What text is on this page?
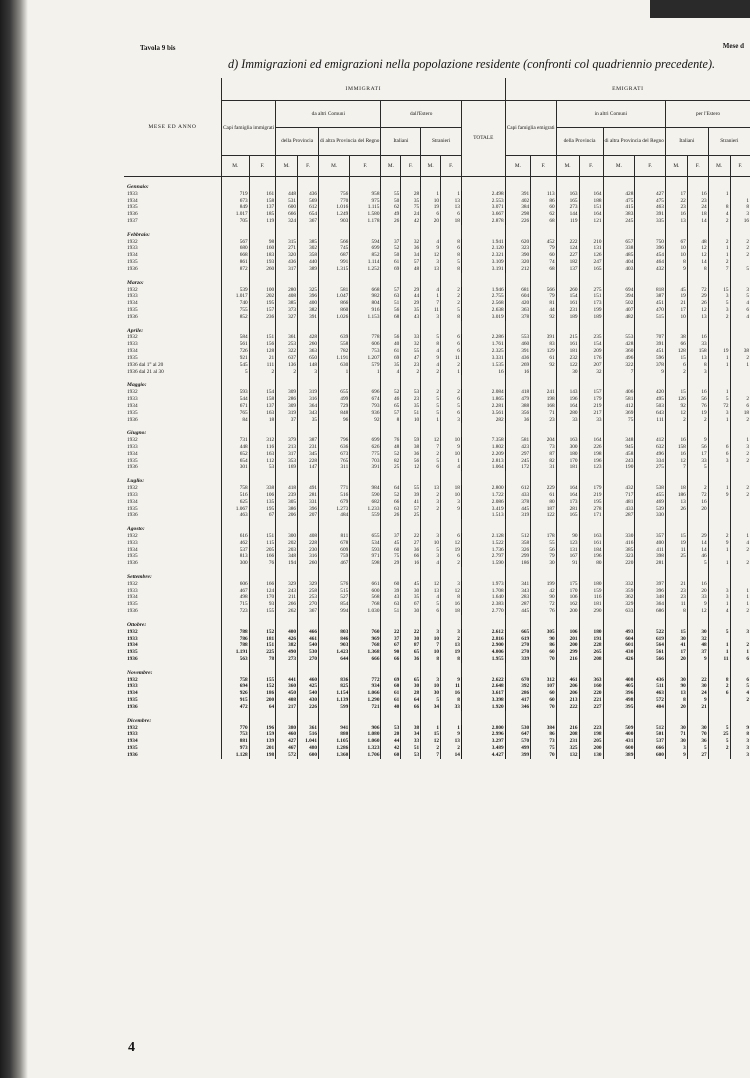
Tavola 9 bis	Mese d
d) Immigrazioni ed emigrazioni nella popolazione residente (confronti col quadriennio precedente).
MESE ED ANNO	IMMIGRATI											EMIGRATI									
	Capi famiglia immigrati		da altri Comuni				dall'Estero				TOTALE	Capi famiglia emigrati		in altri Comuni				per l'Estero			
			della Provincia		di altra Provincia del Regno		Italiani		Stranieri					della Provincia		di altra Provincia del Regno		Italiani		Stranieri	
	M.	F.	M.	F.	M.	F.	M.	F.	M.	F.		M.	F.	M.	F.	M.	F.	M.	F.	M.	F.

Gennaio:																					
1933	719	161	448	436	756	958	55	28	1	1	2.498	391	113	163	164	428	427	17	16	1	
1934	673	158	531	569	770	975	50	35	10	13	2.553	402	86	165	188	475	475	22	23		1
1935	849	137	600	612	1.016	1.115	62	75	19	13	3.071	384	60	273	151	415	463	23	24	8	8
1936	1.017	185	666	654	1.249	1.580	49	24	6	6	3.667	298	62	144	164	383	391	16	18	4	3
1937	705	119	324	367	903	1.178	26	42	20	18	2.878	226	68	119	121	245	335	13	14	2	16

Febbraio:																					
1932	567	98	315	385	566	594	37	32	4	8	1.941	620	452	222	210	657	750	67	48	2	2
1933	680	160	271	302	745	699	52	36	9	6	2.120	323	79	124	131	338	396	10	12	1	2
1934	668	183	320	358	687	852	50	34	12	8	2.321	390	60	227	126	485	454	10	12	1	2
1935	861	193	436	440	991	1.114	61	57	3	5	3.109	320	74	182	247	404	464	8	14	2	
1936	872	260	317	389	1.315	1.252	69	48	13	8	3.191	212	68	137	165	403	432	9	8	7	5

Marzo:																					
1932	539	100	280	325	581	668	57	29	4	2	1.946	681	566	260	275	694	818	45	72	15	3
1933	1.017	202	408	396	1.047	982	63	44	1	2	2.755	604	79	154	151	394	387	19	29	3	5
1934	740	195	385	400	866	804	51	29	7	2	2.568	420	81	161	173	502	451	21	26	5	4
1935	755	157	373	382	860	916	56	35	11	5	2.638	363	44	231	199	407	470	17	12	3	6
1936	852	236	327	391	1.026	1.153	68	43	3	8	3.019	378	92	189	189	482	515	10	13	2	4

Aprile:																					
1932	584	151	361	428	639	778	56	33	5	6	2.286	553	391	215	235	553	707	38	16		
1933	561	156	253	260	558	606	40	32	8	6	1.761	460	83	161	154	428	391	66	33		
1934	726	128	322	363	782	753	61	55	4	6	2.325	391	129	181	209	360	451	128	158	19	38
1935	921	21	637	650	1.191	1.207	69	47	9	11	3.331	436	61	232	176	496	596	15	13	1	2
1936 dal 1° al 20	545	111	136	148	630	579	35	23	4	2	1.535	269	92	122	207	322	378	6	8	1	1
1936 dal 21 al 30	5	2	2	3	1	1	4	2	2	1	16	16		30	32	7	9	2	3		

Maggio:																					
1932	593	154	309	319	655	696	52	53	2	2	2.084	418	241	143	157	406	420	15	16	1	
1933	544	158	286	316	499	674	46	23	5	6	1.865	479	198	196	179	581	495	126	56	5	2
1934	671	137	309	364	729	793	65	35	5	5	2.281	388	168	164	219	412	503	92	76	72	6
1935	765	163	319	343	848	936	57	51	5	6	3.561	356	71	280	217	369	643	12	19	3	18
1936	84	18	37	35	96	92	8	10	1	3	282	36	23	33	33	75	111	2	2	1	2

Giugno:																					
1932	731	312	379	387	796	699	76	59	12	10	7.358	581	204	163	164	348	412	16	9		1
1933	448	116	213	231	636	626	48	38	7	9	1.802	423	73	300	226	945	632	158	56	6	3
1934	652	163	317	345	673	775	52	36	2	10	2.209	297	87	180	198	458	496	16	17	6	2
1935	654	112	353	228	765	703	82	56	5	1	2.813	245	82	170	196	243	334	12	33	3	2
1936	301	53	169	147	311	391	25	12	6	4	1.064	172	31	181	123	190	275	7	5		

Luglio:																					
1932	758	338	418	491	771	984	64	55	13	18	2.800	612	229	164	179	432	538	18	2	1	2
1933	516	106	239	281	516	590	52	39	2	10	1.722	433	61	164	219	717	455	186	72	9	2
1934	625	135	305	331	679	682	66	41	3	3	2.086	378	80	173	195	481	469	13	16		
1935	1.067	195	386	396	1.273	1.233	63	57	2	9	3.419	445	187	281	278	433	539	26	20		
1936	463	67	206	207	484	559	26	25			1.513	319	122	165	171	287	330				

Agosto:																					
1932	616	151	300	408	811	655	37	22	3	6	2.128	512	178	90	163	330	357	15	29	2	1
1933	462	115	202	228	678	534	45	27	10	12	1.522	358	55	123	161	416	400	19	14	9	4
1934	537	205	203	230	609	593	60	36	5	19	1.736	326	56	131	184	385	411	11	14	1	2
1935	813	166	348	316	759	971	75	66	3	6	2.797	299	79	167	196	323	398	25	46		
1936	300	76	194	260	467	598	29	16	4	2	1.590	186	30	91	80	220	281		5	1	2

Settembre:																					
1932	606	166	329	329	576	661	60	45	12	3	1.973	341	199	175	180	332	397	21	16		
1933	467	124	243	258	515	600	39	30	13	12	1.708	343	42	170	159	359	396	23	20	3	1
1934	498	170	211	253	527	568	43	35	4	8	1.640	283	90	106	116	362	348	23	33	3	1
1935	715	93	266	270	854	768	63	67	5	16	2.383	287	72	162	181	329	364	11	9	1	1
1936	723	155	262	367	994	1.030	51	30	6	18	2.770	445	76	200	290	633	686	8	12	4	2

Ottobre:																					
1932	788	152	400	466	803	760	22	22	3	3	2.612	665	305	106	180	493	522	15	30	5	3
1933	786	181	426	461	846	969	37	30	10	2	2.816	619	90	201	191	604	619	30	32		
1934	788	151	382	540	903	768	67	87	7	13	2.900	270	86	200	228	601	564	41	48	1	2
1935	1.191	225	490	530	1.423	1.368	90	65	10	19	4.006	270	60	299	265	430	561	17	37	1	1
1936	563	78	273	270	644	666	66	36	8	8	1.955	339	70	216	208	426	566	20	9	11	6

Novembre:																					
1932	758	155	441	460	836	772	69	65	3	9	2.622	670	312	461	363	400	436	30	22	8	6
1933	694	152	360	425	825	934	60	30	10	11	2.648	392	107	206	160	405	511	90	30	2	5
1934	926	186	450	540	1.154	1.066	61	28	30	16	3.617	286	60	206	220	396	463	13	24	6	4
1935	915	200	408	430	1.139	1.290	61	64	5	8	3.398	417	60	213	221	498	572	8	9		2
1936	472	64	217	226	599	721	40	66	34	33	1.920	346	70	222	227	395	404	20	21		

Dicembre:																					
1932	770	196	380	361	941	906	53	38	1	1	2.800	530	384	216	223	509	512	30	30	5	9
1933	753	159	460	516	880	1.080	20	34	15	9	2.996	647	86	208	198	400	501	71	70	25	8
1934	881	139	427	1.041	1.105	1.060	44	33	12	13	3.297	570	73	231	205	431	537	30	36	5	3
1935	973	201	467	480	1.286	1.323	42	51	2	2	3.489	499	75	325	200	600	666	3	5	2	3
1936	1.128	198	572	600	1.360	1.706	60	53	7	14	4.427	399	70	132	130	389	600	9	27		3
4
